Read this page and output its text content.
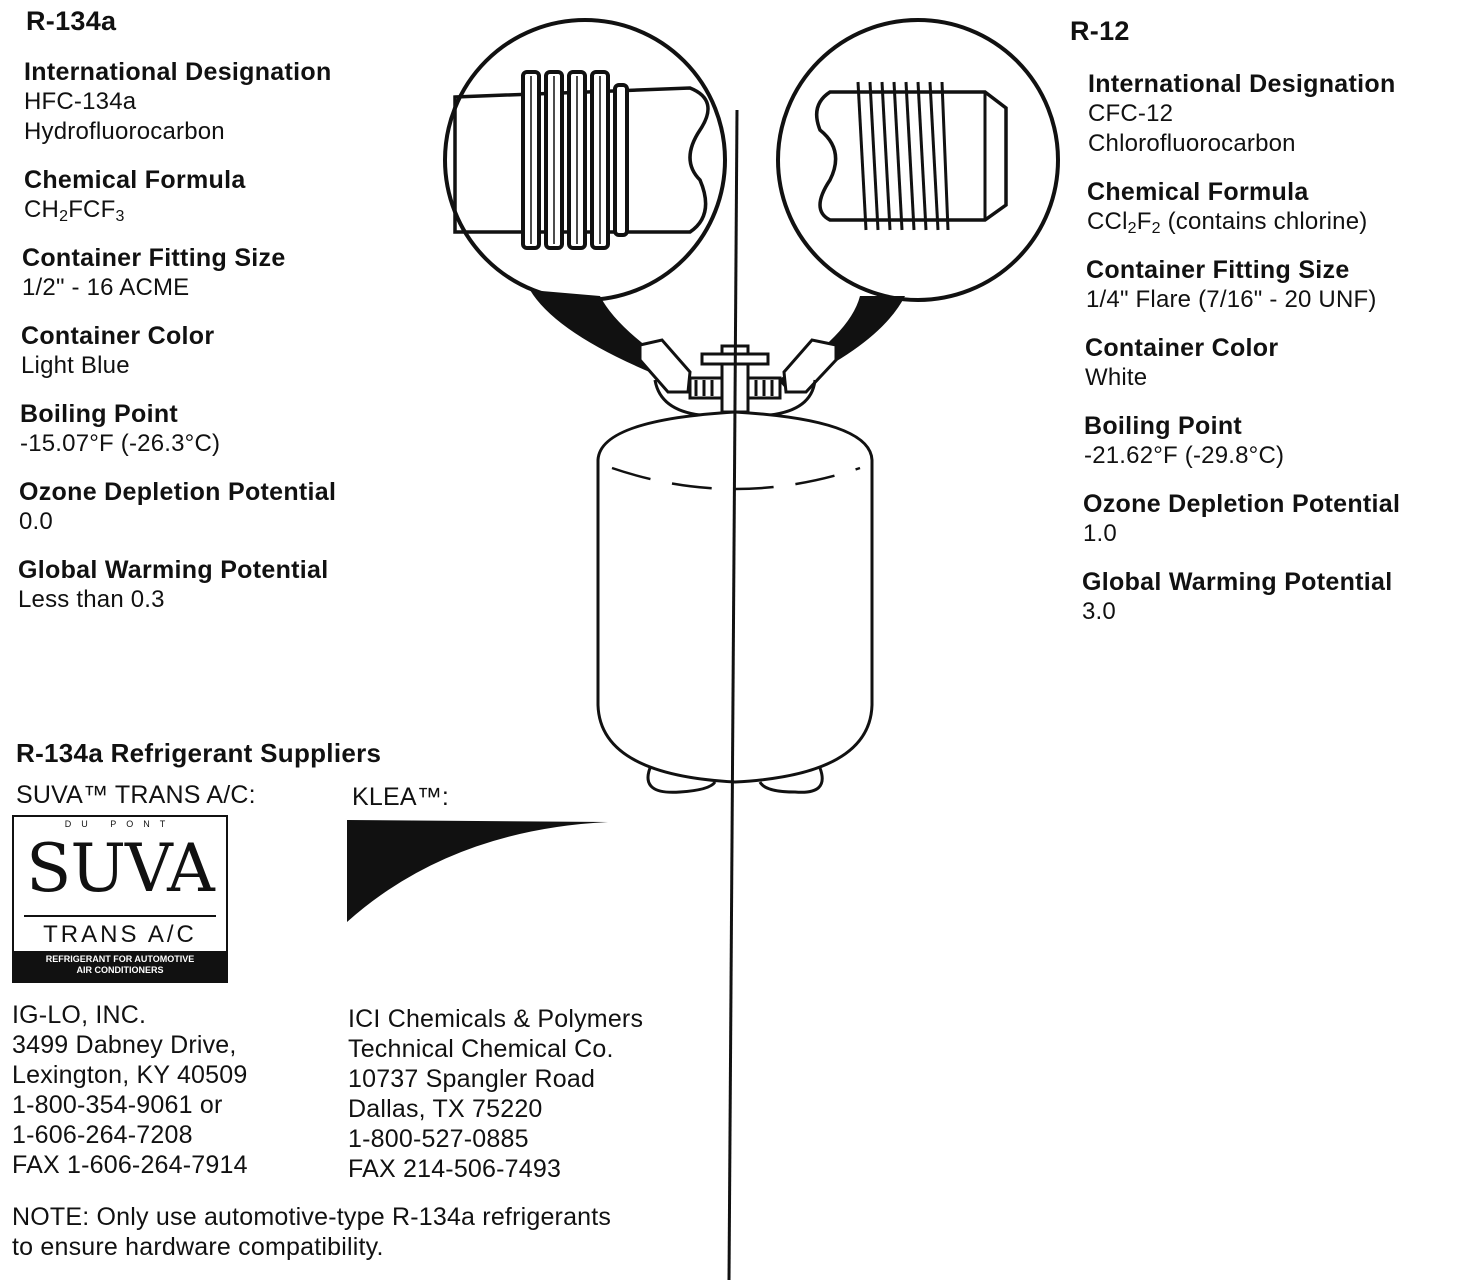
R-134a
International Designation
HFC-134a
Hydrofluorocarbon
Chemical Formula
$CH_2FCF_3$
Container Fitting Size
1/2" - 16 ACME
Container Color
Light Blue
Boiling Point
-15.07°F (-26.3°C)
Ozone Depletion Potential
0.0
Global Warming Potential
Less than 0.3
R-12
International Designation
CFC-12
Chlorofluorocarbon
Chemical Formula
$CCl_2F_2$ (contains chlorine)
Container Fitting Size
1/4" Flare (7/16" - 20 UNF)
Container Color
White
Boiling Point
-21.62°F (-29.8°C)
Ozone Depletion Potential
1.0
Global Warming Potential
3.0
R-134a Refrigerant Suppliers
SUVA™ TRANS A/C:	KLEA™:
DU PONT
SUVA
TRANS A/C
REFRIGERANT FOR AUTOMOTIVE
AIR CONDITIONERS
IG-LO, INC.
3499 Dabney Drive,
Lexington, KY 40509
1-800-354-9061 or
1-606-264-7208
FAX 1-606-264-7914
ICI Chemicals & Polymers
Technical Chemical Co.
10737 Spangler Road
Dallas, TX 75220
1-800-527-0885
FAX 214-506-7493
NOTE: Only use automotive-type R-134a refrigerants
to ensure hardware compatibility.
